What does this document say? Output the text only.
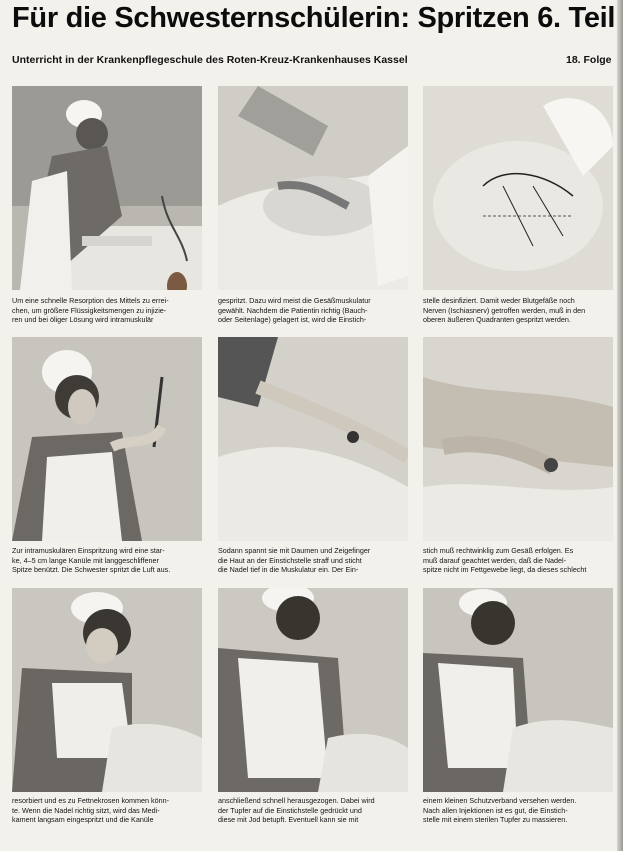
Für die Schwesternschülerin: Spritzen 6. Teil
Unterricht in der Krankenpflegeschule des Roten-Kreuz-Krankenhauses Kassel	18. Folge
Um eine schnelle Resorption des Mittels zu errei-
chen, um größere Flüssigkeitsmengen zu injizie-
ren und bei öliger Lösung wird intramuskulär
gespritzt. Dazu wird meist die Gesäßmuskulatur
gewählt. Nachdem die Patientin richtig (Bauch-
oder Seitenlage) gelagert ist, wird die Einstich-
stelle desinfiziert. Damit weder Blutgefäße noch
Nerven (Ischiasnerv) getroffen werden, muß in den
oberen äußeren Quadranten gespritzt werden.
Zur intramuskulären Einspritzung wird eine star-
ke, 4–5 cm lange Kanüle mit langgeschliffener
Spitze benützt. Die Schwester spritzt die Luft aus.
Sodann spannt sie mit Daumen und Zeigefinger
die Haut an der Einstichstelle straff und sticht
die Nadel tief in die Muskulatur ein. Der Ein-
stich muß rechtwinklig zum Gesäß erfolgen. Es
muß darauf geachtet werden, daß die Nadel-
spitze nicht im Fettgewebe liegt, da dieses schlecht
resorbiert und es zu Fettnekrosen kommen könn-
te. Wenn die Nadel richtig sitzt, wird das Medi-
kament langsam eingespritzt und die Kanüle
anschließend schnell herausgezogen. Dabei wird
der Tupfer auf die Einstichstelle gedrückt und
diese mit Jod betupft. Eventuell kann sie mit
einem kleinen Schutzverband versehen werden.
Nach allen Injektionen ist es gut, die Einstich-
stelle mit einem sterilen Tupfer zu massieren.
